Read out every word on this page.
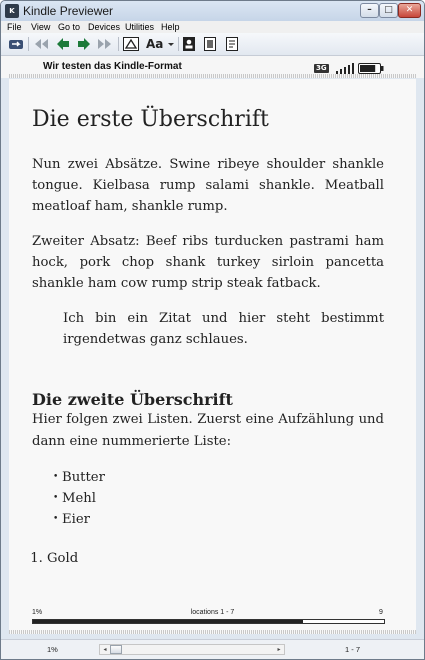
K Kindle Previewer	–	□	✕
File View Go to Devices Utilities Help
Aa
Wir testen das Kindle-Format	3G
Die erste Überschrift
Nun zwei Absätze. Swine ribeye shoulder shankle tongue. Kielbasa rump salami shankle. Meatball meatloaf ham, shankle rump.
Zweiter Absatz: Beef ribs turducken pastrami ham hock, pork chop shank turkey sirloin pancetta shankle ham cow rump strip steak fatback.
Ich bin ein Zitat und hier steht bestimmt irgendetwas ganz schlaues.
Die zweite Überschrift
Hier folgen zwei Listen. Zuerst eine Aufzählung und dann eine nummerierte Liste:
• Butter
• Mehl
• Eier
1. Gold
1%	locations 1 - 7	9
1%	◂	▸	1 - 7
